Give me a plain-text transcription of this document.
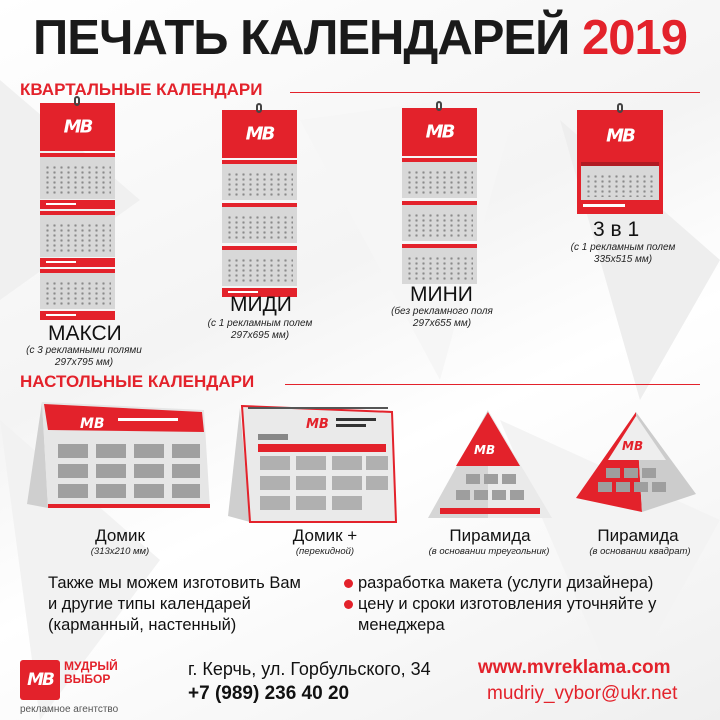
ПЕЧАТЬ КАЛЕНДАРЕЙ 2019
КВАРТАЛЬНЫЕ КАЛЕНДАРИ
МВ
МАКСИ
(с 3 рекламными полями 297х795 мм)
МВ
МИДИ
(с 1 рекламным полем 297х695 мм)
МВ
МИНИ
(без рекламного поля 297х655 мм)
МВ
3 в 1
(с 1 рекламным полем 335х515 мм)
НАСТОЛЬНЫЕ КАЛЕНДАРИ
МВ
Домик
(313х210 мм)
МВ
Домик +
(перекидной)
МВ
Пирамида
(в основании треугольник)
МВ
Пирамида
(в основании квадрат)
Также мы можем изготовить Вам
и другие типы календарей
(карманный, настенный)
разработка макета (услуги дизайнера)
цену и сроки изготовления уточняйте у менеджера
МВ
МУДРЫЙ
ВЫБОР
рекламное агентство
г. Керчь, ул. Горбульского, 34
+7 (989) 236 40 20
www.mvreklama.com
mudriy_vybor@ukr.net
